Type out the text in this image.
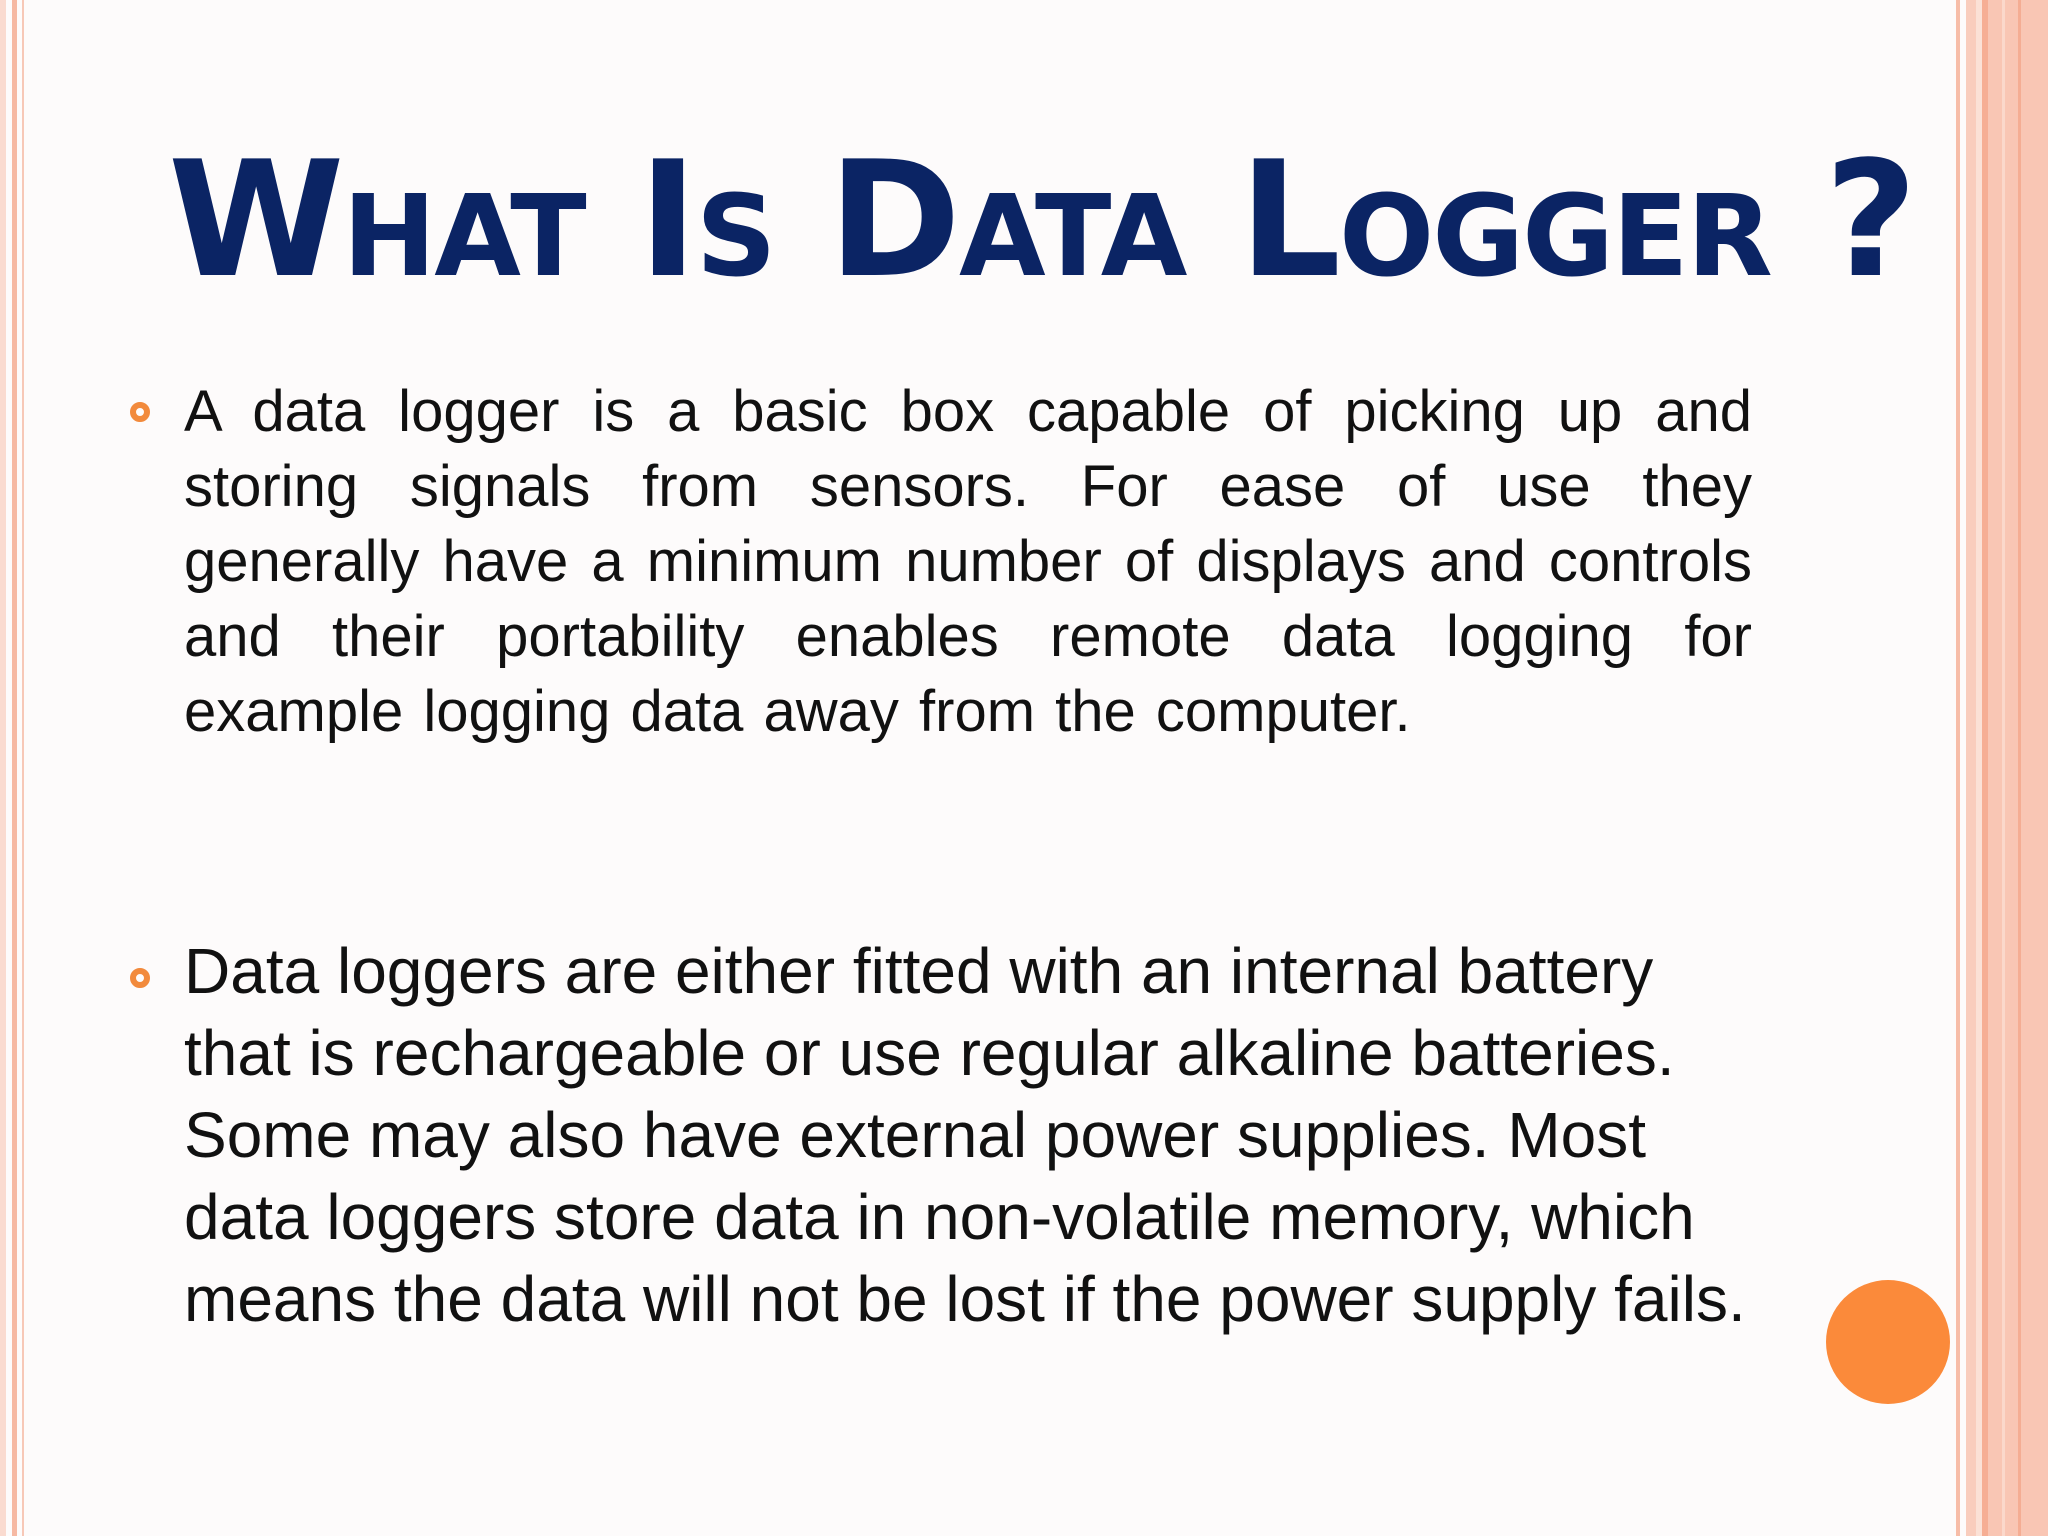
What Is Data Logger ?

A data logger is a basic box capable of picking up and storing signals from sensors. For ease of use they generally have a minimum number of displays and controls and their portability enables remote data logging for example logging data away from the computer.

Data loggers are either fitted with an internal battery that is rechargeable or use regular alkaline batteries. Some may also have external power supplies. Most data loggers store data in non-volatile memory, which means the data will not be lost if the power supply fails.
